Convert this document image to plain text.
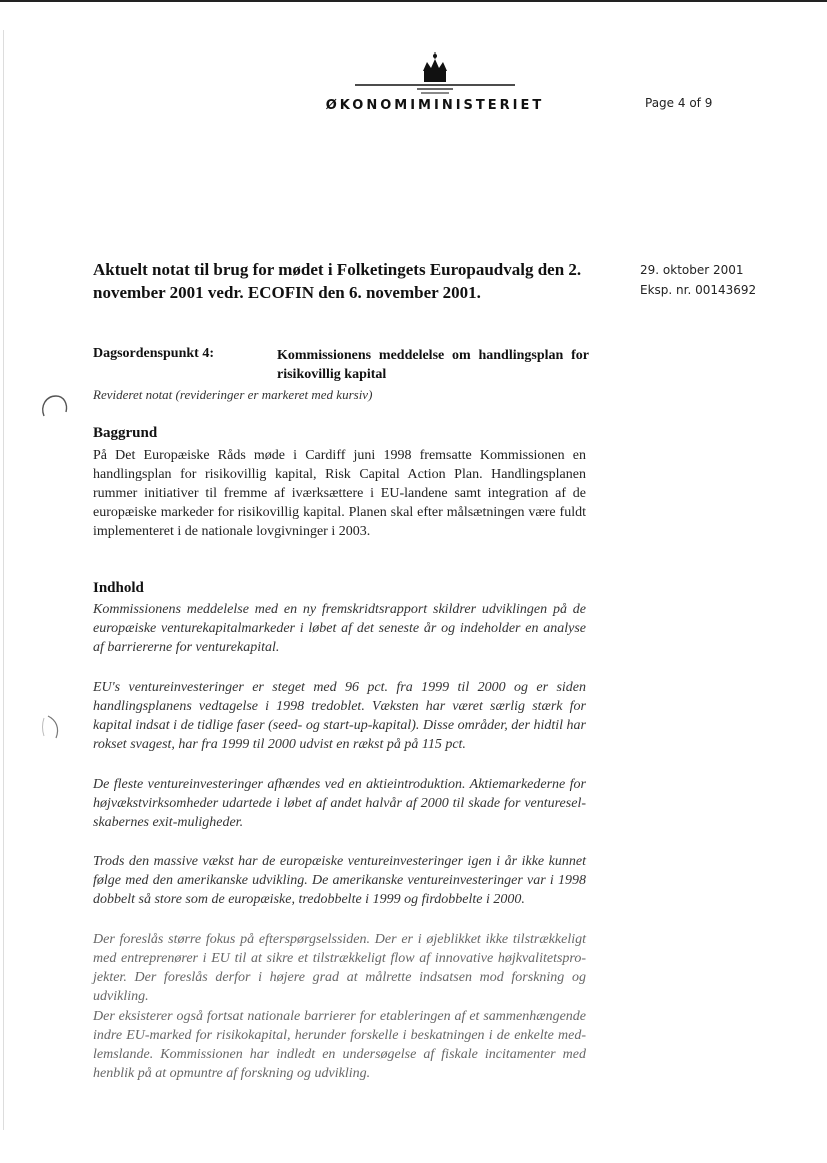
ØKONOMIMINISTERIET	Page 4 of 9
Aktuelt notat til brug for mødet i Folketingets Europaudvalg den 2. november 2001 vedr. ECOFIN den 6. november 2001.
29. oktober 2001
Eksp. nr. 00143692
Dagsordenspunkt 4:	Kommissionens meddelelse om handlingsplan for risikovillig kapital
Revideret notat (revideringer er markeret med kursiv)
Baggrund
På Det Europæiske Råds møde i Cardiff juni 1998 fremsatte Kommissionen en handlingsplan for risikovillig kapital, Risk Capital Action Plan. Handlingsplanen rummer initiativer til fremme af iværksættere i EU-landene samt integration af de europæiske markeder for risikovillig kapital. Planen skal efter målsætningen være fuldt implementeret i de nationale lovgivninger i 2003.
Indhold
Kommissionens meddelelse med en ny fremskridtsrapport skildrer udviklingen på de europæiske venturekapitalmarkeder i løbet af det seneste år og indeholder en analyse af barriererne for venturekapital.
EU's ventureinvesteringer er steget med 96 pct. fra 1999 til 2000 og er siden handlingsplanens vedtagelse i 1998 tredoblet. Væksten har været særlig stærk for kapital indsat i de tidlige faser (seed- og start-up-kapital). Disse områder, der hidtil har rokset svagest, har fra 1999 til 2000 udvist en rækst på på 115 pct.
De fleste ventureinvesteringer afhændes ved en aktieintroduktion. Aktiemarkederne for højvækstvirksomheder udartede i løbet af andet halvår af 2000 til skade for venturesel-skabernes exit-muligheder.
Trods den massive vækst har de europæiske ventureinvesteringer igen i år ikke kunnet følge med den amerikanske udvikling. De amerikanske ventureinvesteringer var i 1998 dobbelt så store som de europæiske, tredobbelte i 1999 og firdobbelte i 2000.
Der foreslås større fokus på efterspørgselssiden. Der er i øjeblikket ikke tilstrækkeligt med entreprenører i EU til at sikre et tilstrækkeligt flow af innovative højkvalitetspro-jekter. Der foreslås derfor i højere grad at målrette indsatsen mod forskning og udvikling.
Der eksisterer også fortsat nationale barrierer for etableringen af et sammenhængende indre EU-marked for risikokapital, herunder forskelle i beskatningen i de enkelte med-lemslande. Kommissionen har indledt en undersøgelse af fiskale incitamenter med henblik på at opmuntre af forskning og udvikling.
